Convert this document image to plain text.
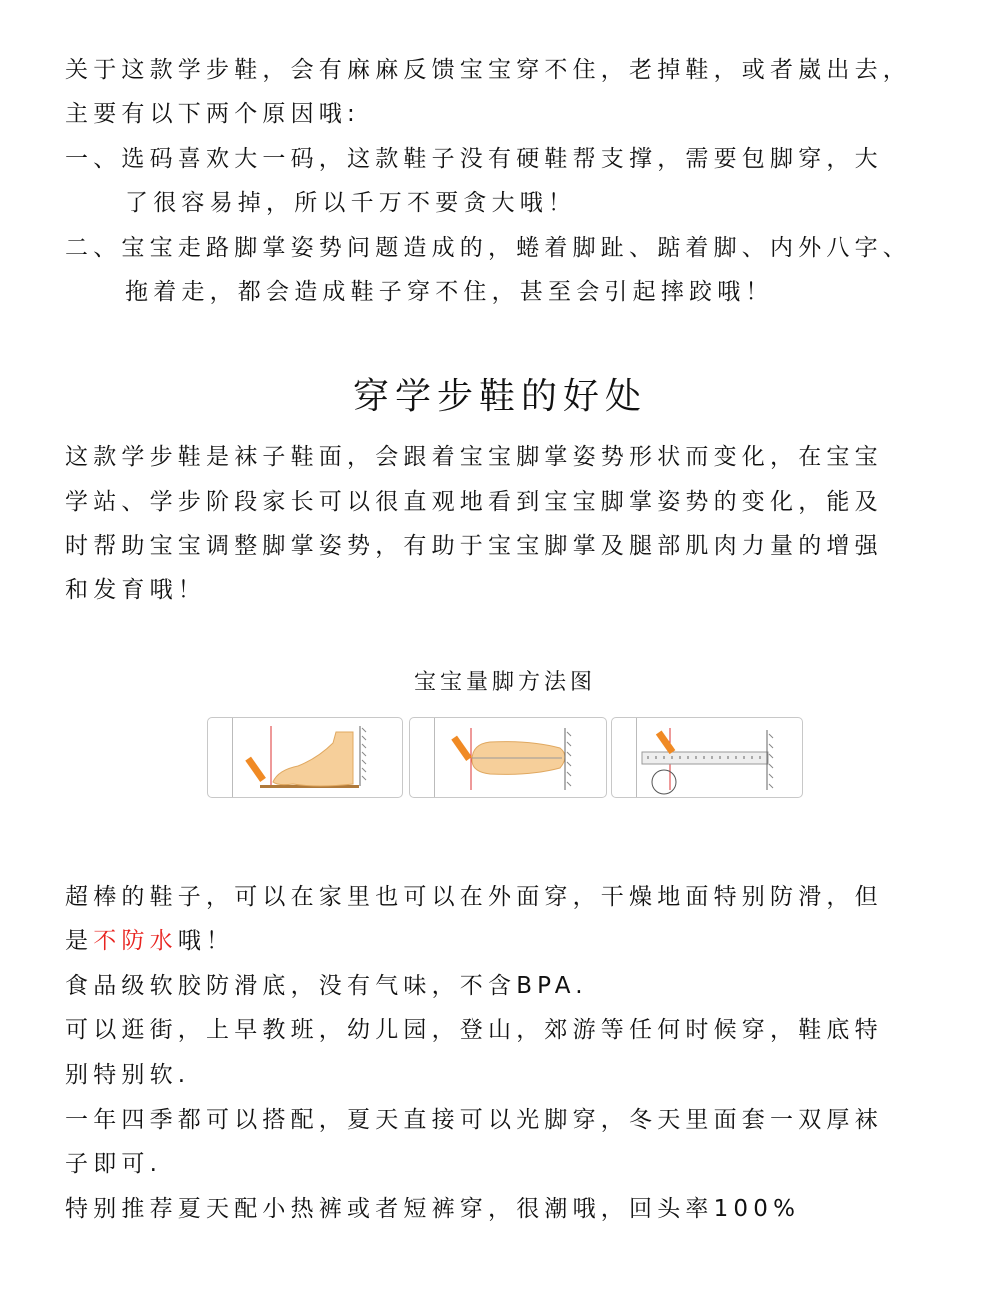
关于这款学步鞋，会有麻麻反馈宝宝穿不住，老掉鞋，或者崴出去，
主要有以下两个原因哦:
一、选码喜欢大一码，这款鞋子没有硬鞋帮支撑，需要包脚穿，大
了很容易掉，所以千万不要贪大哦！
二、宝宝走路脚掌姿势问题造成的，蜷着脚趾、踮着脚、内外八字、
拖着走，都会造成鞋子穿不住，甚至会引起摔跤哦！
穿学步鞋的好处
这款学步鞋是袜子鞋面，会跟着宝宝脚掌姿势形状而变化，在宝宝
学站、学步阶段家长可以很直观地看到宝宝脚掌姿势的变化，能及
时帮助宝宝调整脚掌姿势，有助于宝宝脚掌及腿部肌肉力量的增强
和发育哦！
宝宝量脚方法图
超棒的鞋子，可以在家里也可以在外面穿，干燥地面特别防滑，但
是不防水哦！
食品级软胶防滑底，没有气味，不含BPA.
可以逛街，上早教班，幼儿园，登山，郊游等任何时候穿，鞋底特
别特别软.
一年四季都可以搭配，夏天直接可以光脚穿，冬天里面套一双厚袜
子即可.
特别推荐夏天配小热裤或者短裤穿，很潮哦，回头率100%
